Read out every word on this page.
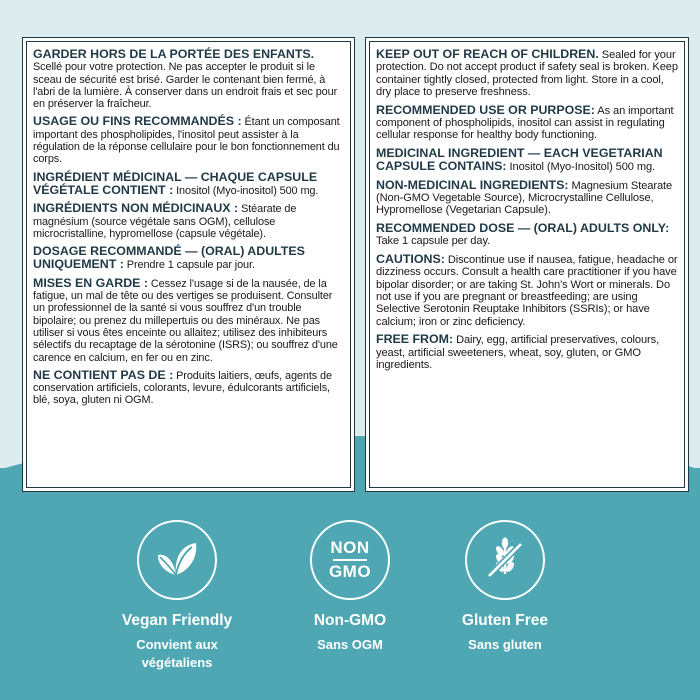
GARDER HORS DE LA PORTÉE DES ENFANTS. Scellé pour votre protection. Ne pas accepter le produit si le sceau de sécurité est brisé. Garder le contenant bien fermé, à l'abri de la lumière. À conserver dans un endroit frais et sec pour en préserver la fraîcheur.

USAGE OU FINS RECOMMANDÉS : Étant un composant important des phospholipides, l'inositol peut assister à la régulation de la réponse cellulaire pour le bon fonctionnement du corps.

INGRÉDIENT MÉDICINAL — CHAQUE CAPSULE VÉGÉTALE CONTIENT : Inositol (Myo-inositol) 500 mg.

INGRÉDIENTS NON MÉDICINAUX : Stéarate de magnésium (source végétale sans OGM), cellulose microcristalline, hypromellose (capsule végétale).

DOSAGE RECOMMANDÉ — (ORAL) ADULTES UNIQUEMENT : Prendre 1 capsule par jour.

MISES EN GARDE : Cessez l'usage si de la nausée, de la fatigue, un mal de tête ou des vertiges se produisent. Consulter un professionnel de la santé si vous souffrez d'un trouble bipolaire; ou prenez du millepertuis ou des minéraux. Ne pas utiliser si vous êtes enceinte ou allaitez; utilisez des inhibiteurs sélectifs du recaptage de la sérotonine (ISRS); ou souffrez d'une carence en calcium, en fer ou en zinc.

NE CONTIENT PAS DE : Produits laitiers, œufs, agents de conservation artificiels, colorants, levure, édulcorants artificiels, blé, soya, gluten ni OGM.

KEEP OUT OF REACH OF CHILDREN. Sealed for your protection. Do not accept product if safety seal is broken. Keep container tightly closed, protected from light. Store in a cool, dry place to preserve freshness.

RECOMMENDED USE OR PURPOSE: As an important component of phospholipids, inositol can assist in regulating cellular response for healthy body functioning.

MEDICINAL INGREDIENT — EACH VEGETARIAN CAPSULE CONTAINS: Inositol (Myo-Inositol) 500 mg.

NON-MEDICINAL INGREDIENTS: Magnesium Stearate (Non-GMO Vegetable Source), Microcrystalline Cellulose, Hypromellose (Vegetarian Capsule).

RECOMMENDED DOSE — (ORAL) ADULTS ONLY: Take 1 capsule per day.

CAUTIONS: Discontinue use if nausea, fatigue, headache or dizziness occurs. Consult a health care practitioner if you have bipolar disorder; or are taking St. John's Wort or minerals. Do not use if you are pregnant or breastfeeding; are using Selective Serotonin Reuptake Inhibitors (SSRIs); or have calcium; iron or zinc deficiency.

FREE FROM: Dairy, egg, artificial preservatives, colours, yeast, artificial sweeteners, wheat, soy, gluten, or GMO ingredients.

Vegan Friendly
Convient aux
végétaliens
NON
GMO
Non-GMO
Sans OGM
Gluten Free
Sans gluten
